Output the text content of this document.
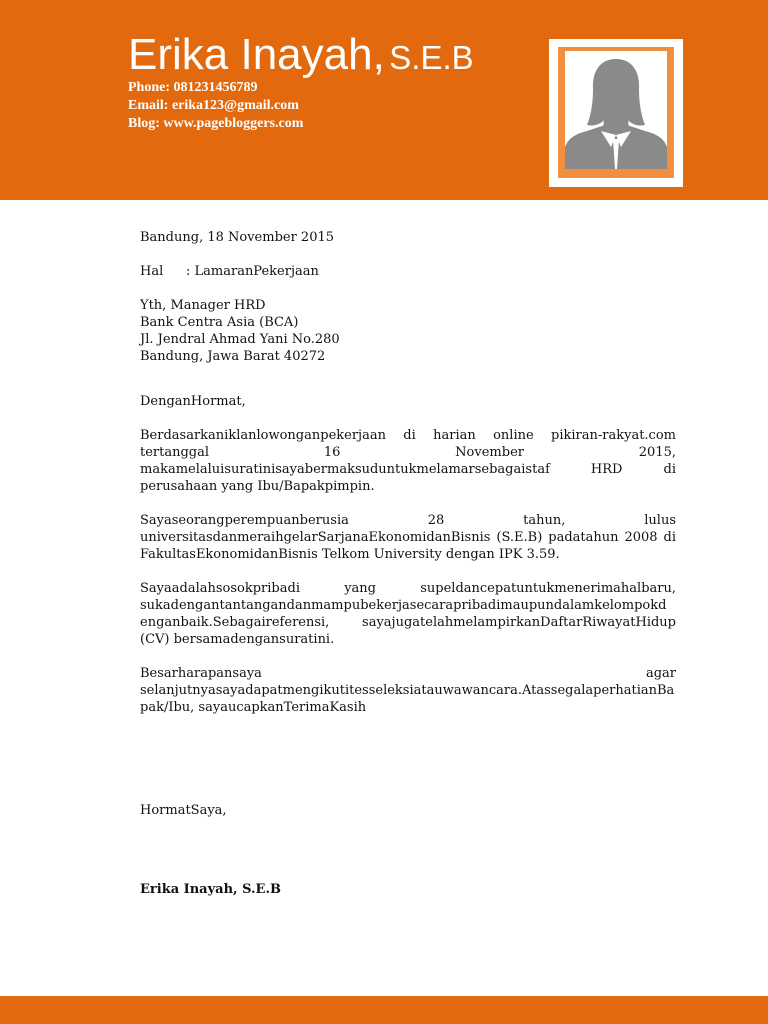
Erika Inayah, S.E.B
Phone: 081231456789
Email: erika123@gmail.com
Blog: www.pagebloggers.com

Bandung, 18 November 2015

Hal : LamaranPekerjaan

Yth, Manager HRD

Bank Centra Asia (BCA)

Jl. Jendral Ahmad Yani No.280

Bandung, Jawa Barat 40272

DenganHormat,

Berdasarkaniklanlowonganpekerjaan di harian online pikiran-rakyat.com tertanggal 16 November 2015, makamelaluisuratinisayabermaksuduntukmelamarsebagaistaf HRD di perusahaan yang Ibu/Bapakpimpin.

Sayaseorangperempuanberusia 28 tahun, lulus universitasdanmeraihgelarSarjanaEkonomidanBisnis (S.E.B) padatahun 2008 di FakultasEkonomidanBisnis Telkom University dengan IPK 3.59.

Sayaadalahsosokpribadi yang supeldancepatuntukmenerimahalbaru, sukadengantantangandanmampubekerjasecarapribadimaupundalamkelompokd enganbaik.Sebagaireferensi, sayajugatelahmelampirkanDaftarRiwayatHidup (CV) bersamadengansuratini.

Besarharapansaya agar selanjutnyasayadapatmengikutitesseleksiatauwawancara.AtassegalaperhatianBa pak/Ibu, sayaucapkanTerimaKasih

HormatSaya,

Erika Inayah, S.E.B
